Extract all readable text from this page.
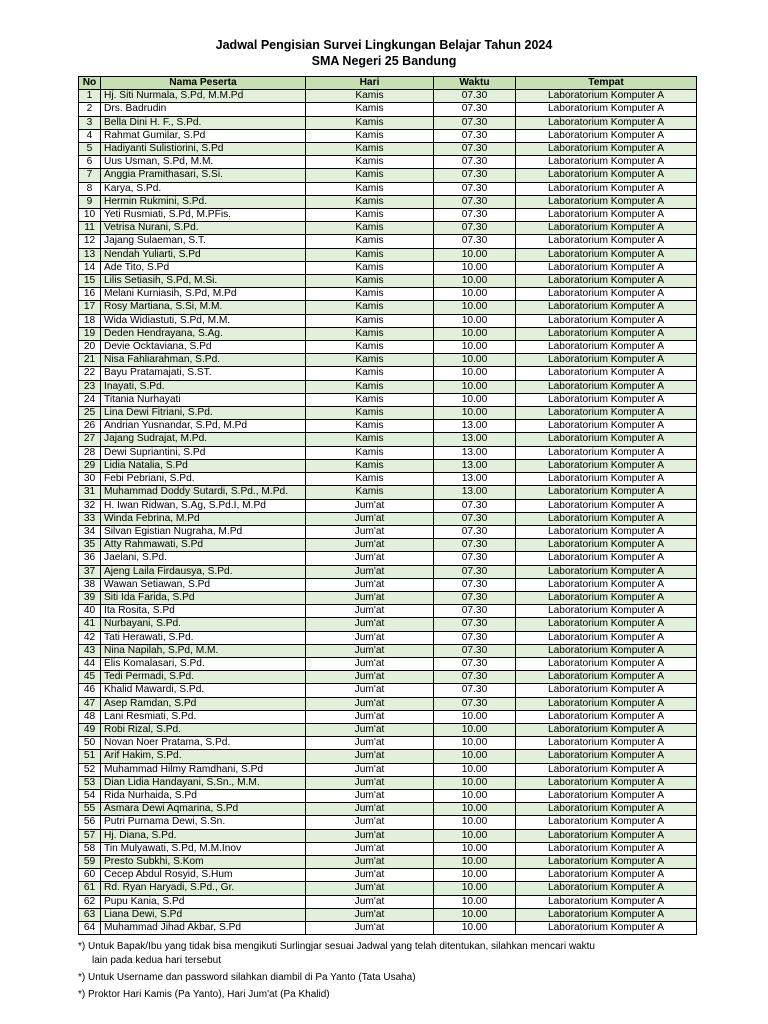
Jadwal Pengisian Survei Lingkungan Belajar Tahun 2024
SMA Negeri 25 Bandung
No	Nama Peserta	Hari	Waktu	Tempat
1	Hj. Siti Nurmala, S.Pd, M.M.Pd	Kamis	07.30	Laboratorium Komputer A
2	Drs. Badrudin	Kamis	07.30	Laboratorium Komputer A
3	Bella Dini H. F., S.Pd.	Kamis	07.30	Laboratorium Komputer A
4	Rahmat Gumilar, S.Pd	Kamis	07.30	Laboratorium Komputer A
5	Hadiyanti Sulistiorini, S.Pd	Kamis	07.30	Laboratorium Komputer A
6	Uus Usman, S.Pd, M.M.	Kamis	07.30	Laboratorium Komputer A
7	Anggia Pramithasari, S.Si.	Kamis	07.30	Laboratorium Komputer A
8	Karya, S.Pd.	Kamis	07.30	Laboratorium Komputer A
9	Hermin Rukmini, S.Pd.	Kamis	07.30	Laboratorium Komputer A
10	Yeti Rusmiati, S.Pd, M.PFis.	Kamis	07.30	Laboratorium Komputer A
11	Vetrisa Nurani, S.Pd.	Kamis	07.30	Laboratorium Komputer A
12	Jajang Sulaeman, S.T.	Kamis	07.30	Laboratorium Komputer A
13	Nendah Yuliarti, S.Pd	Kamis	10.00	Laboratorium Komputer A
14	Ade Tito, S.Pd	Kamis	10.00	Laboratorium Komputer A
15	Lilis Setiasih, S.Pd, M.Si.	Kamis	10.00	Laboratorium Komputer A
16	Melani Kurniasih, S.Pd, M.Pd	Kamis	10.00	Laboratorium Komputer A
17	Rosy Martiana, S.Si, M.M.	Kamis	10.00	Laboratorium Komputer A
18	Wida Widiastuti, S.Pd, M.M.	Kamis	10.00	Laboratorium Komputer A
19	Deden Hendrayana, S.Ag.	Kamis	10.00	Laboratorium Komputer A
20	Devie Ocktaviana, S.Pd	Kamis	10.00	Laboratorium Komputer A
21	Nisa Fahliarahman, S.Pd.	Kamis	10.00	Laboratorium Komputer A
22	Bayu Pratamajati, S.ST.	Kamis	10.00	Laboratorium Komputer A
23	Inayati, S.Pd.	Kamis	10.00	Laboratorium Komputer A
24	Titania Nurhayati	Kamis	10.00	Laboratorium Komputer A
25	Lina Dewi Fitriani, S.Pd.	Kamis	10.00	Laboratorium Komputer A
26	Andrian Yusnandar, S.Pd, M.Pd	Kamis	13.00	Laboratorium Komputer A
27	Jajang Sudrajat, M.Pd.	Kamis	13.00	Laboratorium Komputer A
28	Dewi Supriantini, S.Pd	Kamis	13.00	Laboratorium Komputer A
29	Lidia Natalia, S.Pd	Kamis	13.00	Laboratorium Komputer A
30	Febi Pebriani, S.Pd.	Kamis	13.00	Laboratorium Komputer A
31	Muhammad Doddy Sutardi, S.Pd., M.Pd.	Kamis	13.00	Laboratorium Komputer A
32	H. Iwan Ridwan, S.Ag, S.Pd.I, M.Pd	Jum'at	07.30	Laboratorium Komputer A
33	Winda Febrina, M.Pd	Jum'at	07.30	Laboratorium Komputer A
34	Silvan Egistian Nugraha, M.Pd	Jum'at	07.30	Laboratorium Komputer A
35	Atty Rahmawati, S.Pd	Jum'at	07.30	Laboratorium Komputer A
36	Jaelani, S.Pd.	Jum'at	07.30	Laboratorium Komputer A
37	Ajeng Laila Firdausya, S.Pd.	Jum'at	07.30	Laboratorium Komputer A
38	Wawan Setiawan, S.Pd	Jum'at	07.30	Laboratorium Komputer A
39	Siti Ida Farida, S.Pd	Jum'at	07.30	Laboratorium Komputer A
40	Ita Rosita, S.Pd	Jum'at	07.30	Laboratorium Komputer A
41	Nurbayani, S.Pd.	Jum'at	07.30	Laboratorium Komputer A
42	Tati Herawati, S.Pd.	Jum'at	07.30	Laboratorium Komputer A
43	Nina Napilah, S.Pd, M.M.	Jum'at	07.30	Laboratorium Komputer A
44	Elis Komalasari, S.Pd.	Jum'at	07.30	Laboratorium Komputer A
45	Tedi Permadi, S.Pd.	Jum'at	07.30	Laboratorium Komputer A
46	Khalid Mawardi, S.Pd.	Jum'at	07.30	Laboratorium Komputer A
47	Asep Ramdan, S.Pd	Jum'at	07.30	Laboratorium Komputer A
48	Lani Resmiati, S.Pd.	Jum'at	10.00	Laboratorium Komputer A
49	Robi Rizal, S.Pd.	Jum'at	10.00	Laboratorium Komputer A
50	Novan Noer Pratama, S.Pd.	Jum'at	10.00	Laboratorium Komputer A
51	Arif Hakim, S.Pd.	Jum'at	10.00	Laboratorium Komputer A
52	Muhammad Hilmy Ramdhani, S.Pd	Jum'at	10.00	Laboratorium Komputer A
53	Dian Lidia Handayani, S.Sn., M.M.	Jum'at	10.00	Laboratorium Komputer A
54	Rida Nurhaida, S.Pd	Jum'at	10.00	Laboratorium Komputer A
55	Asmara Dewi Aqmarina, S.Pd	Jum'at	10.00	Laboratorium Komputer A
56	Putri Purnama Dewi, S.Sn.	Jum'at	10.00	Laboratorium Komputer A
57	Hj. Diana, S.Pd.	Jum'at	10.00	Laboratorium Komputer A
58	Tin Mulyawati, S.Pd, M.M.Inov	Jum'at	10.00	Laboratorium Komputer A
59	Presto Subkhi, S.Kom	Jum'at	10.00	Laboratorium Komputer A
60	Cecep Abdul Rosyid, S.Hum	Jum'at	10.00	Laboratorium Komputer A
61	Rd. Ryan Haryadi, S.Pd., Gr.	Jum'at	10.00	Laboratorium Komputer A
62	Pupu Kania, S.Pd	Jum'at	10.00	Laboratorium Komputer A
63	Liana Dewi, S.Pd	Jum'at	10.00	Laboratorium Komputer A
64	Muhammad Jihad Akbar, S.Pd	Jum'at	10.00	Laboratorium Komputer A
*) Untuk Bapak/Ibu yang tidak bisa mengikuti Surlingjar sesuai Jadwal yang telah ditentukan, silahkan mencari waktu
lain pada kedua hari tersebut
*) Untuk Username dan password silahkan diambil di Pa Yanto (Tata Usaha)
*) Proktor Hari Kamis (Pa Yanto), Hari Jum'at (Pa Khalid)
